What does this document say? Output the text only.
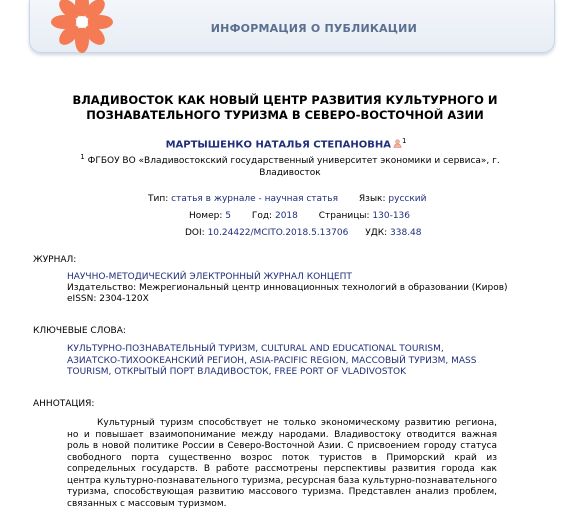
ИНФОРМАЦИЯ О ПУБЛИКАЦИИ
ВЛАДИВОСТОК КАК НОВЫЙ ЦЕНТР РАЗВИТИЯ КУЛЬТУРНОГО И ПОЗНАВАТЕЛЬНОГО ТУРИЗМА В СЕВЕРО-ВОСТОЧНОЙ АЗИИ
МАРТЫШЕНКО НАТАЛЬЯ СТЕПАНОВНА $^1$
$^1$ ФГБОУ ВО «Владивостокский государственный университет экономики и сервиса», г. Владивосток
Тип: статья в журнале - научная статья Язык: русский
Номер: 5 Год: 2018 Страницы: 130-136
DOI: 10.24422/MCITO.2018.5.13706 УДК: 338.48
ЖУРНАЛ:
НАУЧНО-МЕТОДИЧЕСКИЙ ЭЛЕКТРОННЫЙ ЖУРНАЛ КОНЦЕПТ
Издательство: Межрегиональный центр инновационных технологий в образовании (Киров)
eISSN: 2304-120X
КЛЮЧЕВЫЕ СЛОВА:
КУЛЬТУРНО-ПОЗНАВАТЕЛЬНЫЙ ТУРИЗМ, CULTURAL AND EDUCATIONAL TOURISM, АЗИАТСКО-ТИХООКЕАНСКИЙ РЕГИОН, ASIA-PACIFIC REGION, МАССОВЫЙ ТУРИЗМ, MASS TOURISM, ОТКРЫТЫЙ ПОРТ ВЛАДИВОСТОК, FREE PORT OF VLADIVOSTOK
АННОТАЦИЯ:
Культурный туризм способствует не только экономическому развитию региона, но и повышает взаимопонимание между народами. Владивостоку отводится важная роль в новой политике России в Северо-Восточной Азии. С присвоением городу статуса свободного порта существенно возрос поток туристов в Приморский край из сопредельных государств. В работе рассмотрены перспективы развития города как центра культурно-познавательного туризма, ресурсная база культурно-познавательного туризма, способствующая развитию массового туризма. Представлен анализ проблем, связанных с массовым туризмом.
